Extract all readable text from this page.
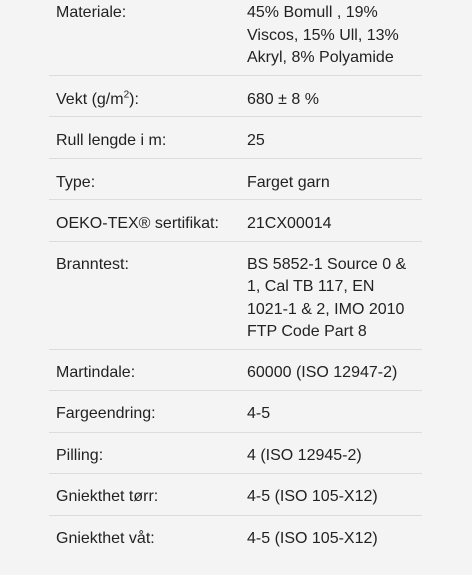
Materiale:	45% Bomull , 19% Viscos, 15% Ull, 13% Akryl, 8% Polyamide
Vekt $(g/m^2)$:	680 ± 8 %
Rull lengde i m:	25
Type:	Farget garn
OEKO-TEX® sertifikat:	21CX00014
Branntest:	BS 5852-1 Source 0 & 1, Cal TB 117, EN 1021-1 & 2, IMO 2010 FTP Code Part 8
Martindale:	60000 (ISO 12947-2)
Fargeendring:	4-5
Pilling:	4 (ISO 12945-2)
Gniekthet tørr:	4-5 (ISO 105-X12)
Gniekthet våt:	4-5 (ISO 105-X12)
